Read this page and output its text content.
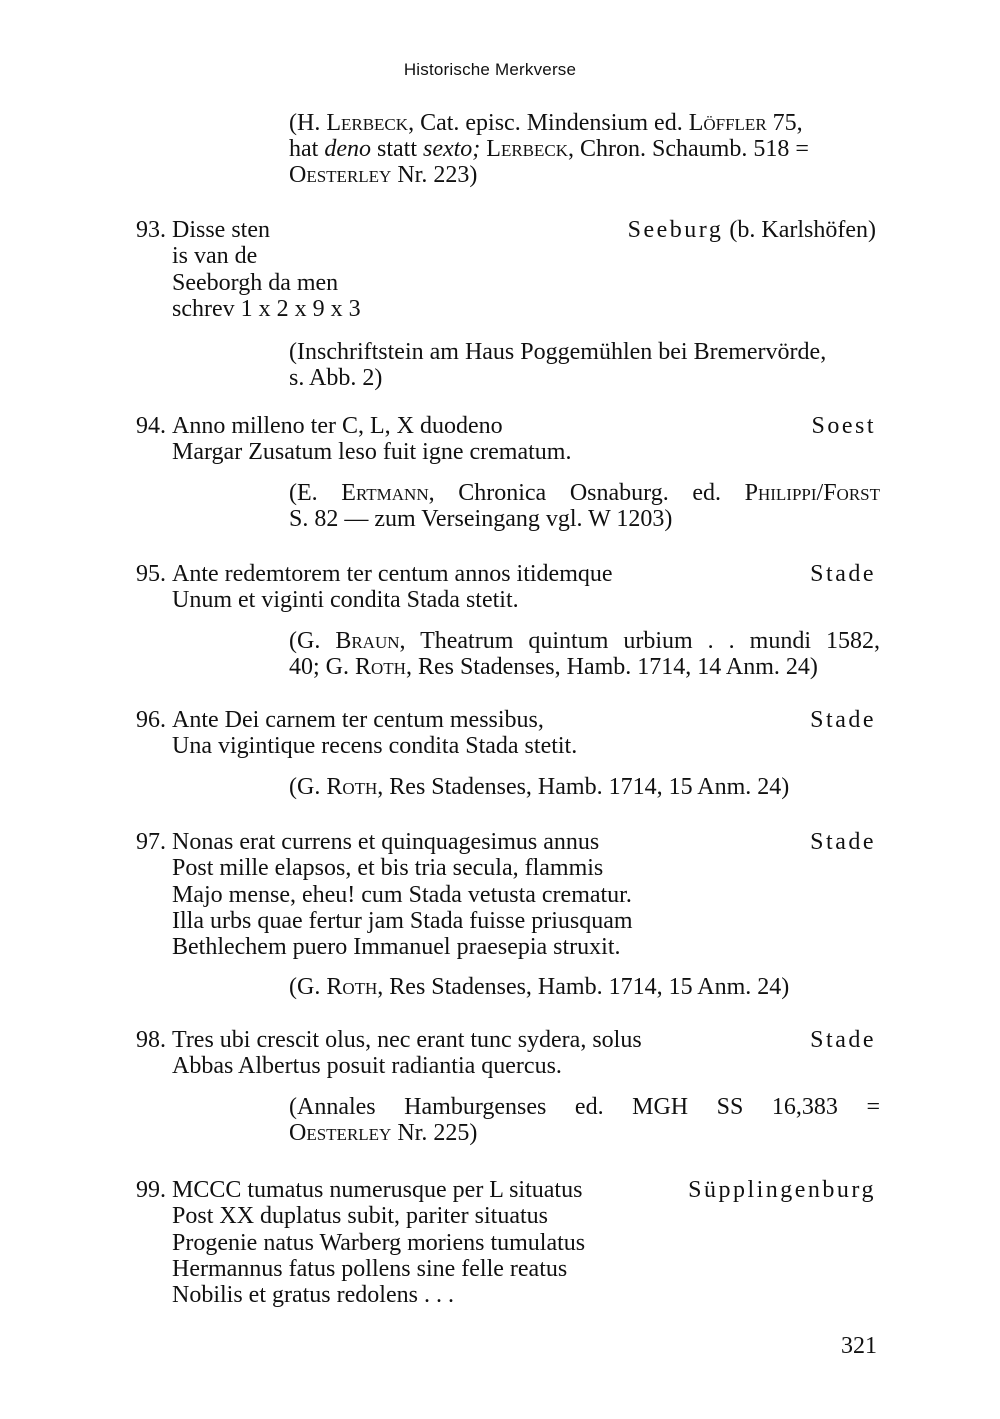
Historische Merkverse
(H. Lerbeck, Cat. episc. Mindensium ed. Löffler 75,
hat deno statt sexto; Lerbeck, Chron. Schaumb. 518 =
Oesterley Nr. 223)
93. Disse sten	Seeburg (b. Karlshöfen)
is van de
Seeborgh da men
schrev 1 x 2 x 9 x 3
(Inschriftstein am Haus Poggemühlen bei Bremervörde,
s. Abb. 2)
94. Anno milleno ter C, L, X duodeno	Soest
Margar Zusatum leso fuit igne crematum.
(E. Ertmann, Chronica Osnaburg. ed. Philippi/Forst
S. 82 — zum Verseingang vgl. W 1203)
95. Ante redemtorem ter centum annos itidemque	Stade
Unum et viginti condita Stada stetit.
(G. Braun, Theatrum quintum urbium . . mundi 1582,
40; G. Roth, Res Stadenses, Hamb. 1714, 14 Anm. 24)
96. Ante Dei carnem ter centum messibus,	Stade
Una vigintique recens condita Stada stetit.
(G. Roth, Res Stadenses, Hamb. 1714, 15 Anm. 24)
97. Nonas erat currens et quinquagesimus annus	Stade
Post mille elapsos, et bis tria secula, flammis
Majo mense, eheu! cum Stada vetusta crematur.
Illa urbs quae fertur jam Stada fuisse priusquam
Bethlechem puero Immanuel praesepia struxit.
(G. Roth, Res Stadenses, Hamb. 1714, 15 Anm. 24)
98. Tres ubi crescit olus, nec erant tunc sydera, solus	Stade
Abbas Albertus posuit radiantia quercus.
(Annales Hamburgenses ed. MGH SS 16,383 =
Oesterley Nr. 225)
99. MCCC tumatus numerusque per L situatus	Süpplingenburg
Post XX duplatus subit, pariter situatus
Progenie natus Warberg moriens tumulatus
Hermannus fatus pollens sine felle reatus
Nobilis et gratus redolens . . .
321
